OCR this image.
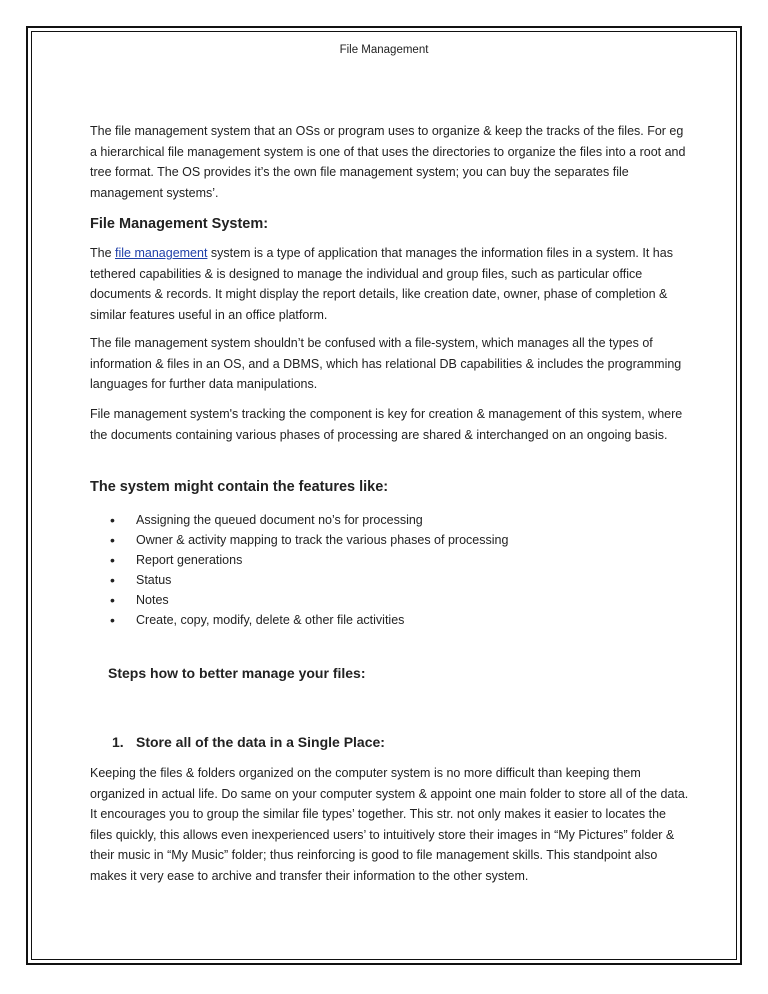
File Management

The file management system that an OSs or program uses to organize & keep the tracks of the files. For eg a hierarchical file management system is one of that uses the directories to organize the files into a root and tree format. The OS provides it’s the own file management system; you can buy the separates file management systems’.

File Management System:

The file management system is a type of application that manages the information files in a system. It has tethered capabilities & is designed to manage the individual and group files, such as particular office documents & records. It might display the report details, like creation date, owner, phase of completion & similar features useful in an office platform.

The file management system shouldn’t be confused with a file-system, which manages all the types of information & files in an OS, and a DBMS, which has relational DB capabilities & includes the programming languages for further data manipulations.

File management system's tracking the component is key for creation & management of this system, where the documents containing various phases of processing are shared & interchanged on an ongoing basis.

The system might contain the features like:
• Assigning the queued document no’s for processing
• Owner & activity mapping to track the various phases of processing
• Report generations
• Status
• Notes
• Create, copy, modify, delete & other file activities
Steps how to better manage your files:
1. Store all of the data in a Single Place:

Keeping the files & folders organized on the computer system is no more difficult than keeping them organized in actual life. Do same on your computer system & appoint one main folder to store all of the data. It encourages you to group the similar file types’ together. This str. not only makes it easier to locates the files quickly, this allows even inexperienced users’ to intuitively store their images in “My Pictures” folder & their music in “My Music” folder; thus reinforcing is good to file management skills. This standpoint also makes it very ease to archive and transfer their information to the other system.
